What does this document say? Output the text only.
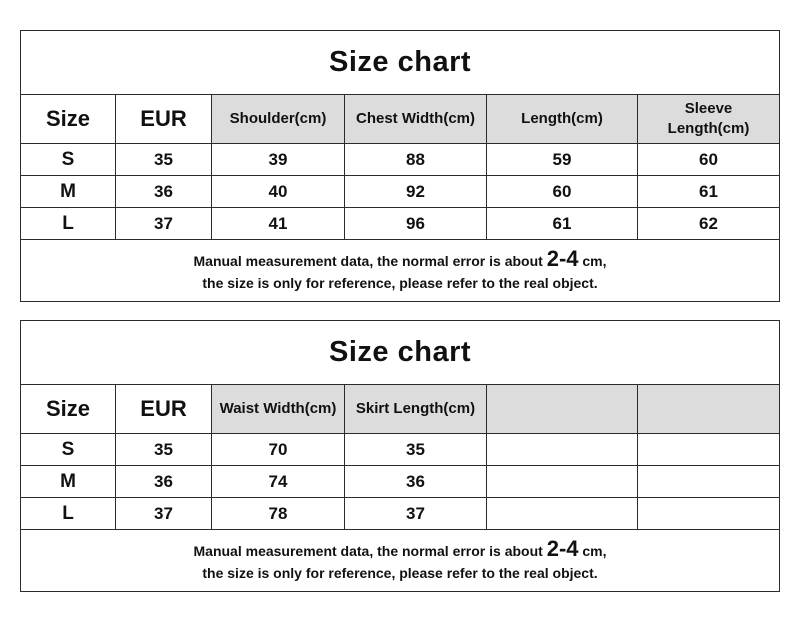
Size chart					
Size	EUR	Shoulder(cm)	Chest Width(cm)	Length(cm)	Sleeve
Length(cm)
S	35	39	88	59	60
M	36	40	92	60	61
L	37	41	96	61	62
Manual measurement data, the normal error is about 2-4 cm,
the size is only for reference, please refer to the real object.					
Size chart					
Size	EUR	Waist Width(cm)	Skirt Length(cm)		
S	35	70	35		
M	36	74	36		
L	37	78	37		
Manual measurement data, the normal error is about 2-4 cm,
the size is only for reference, please refer to the real object.					
